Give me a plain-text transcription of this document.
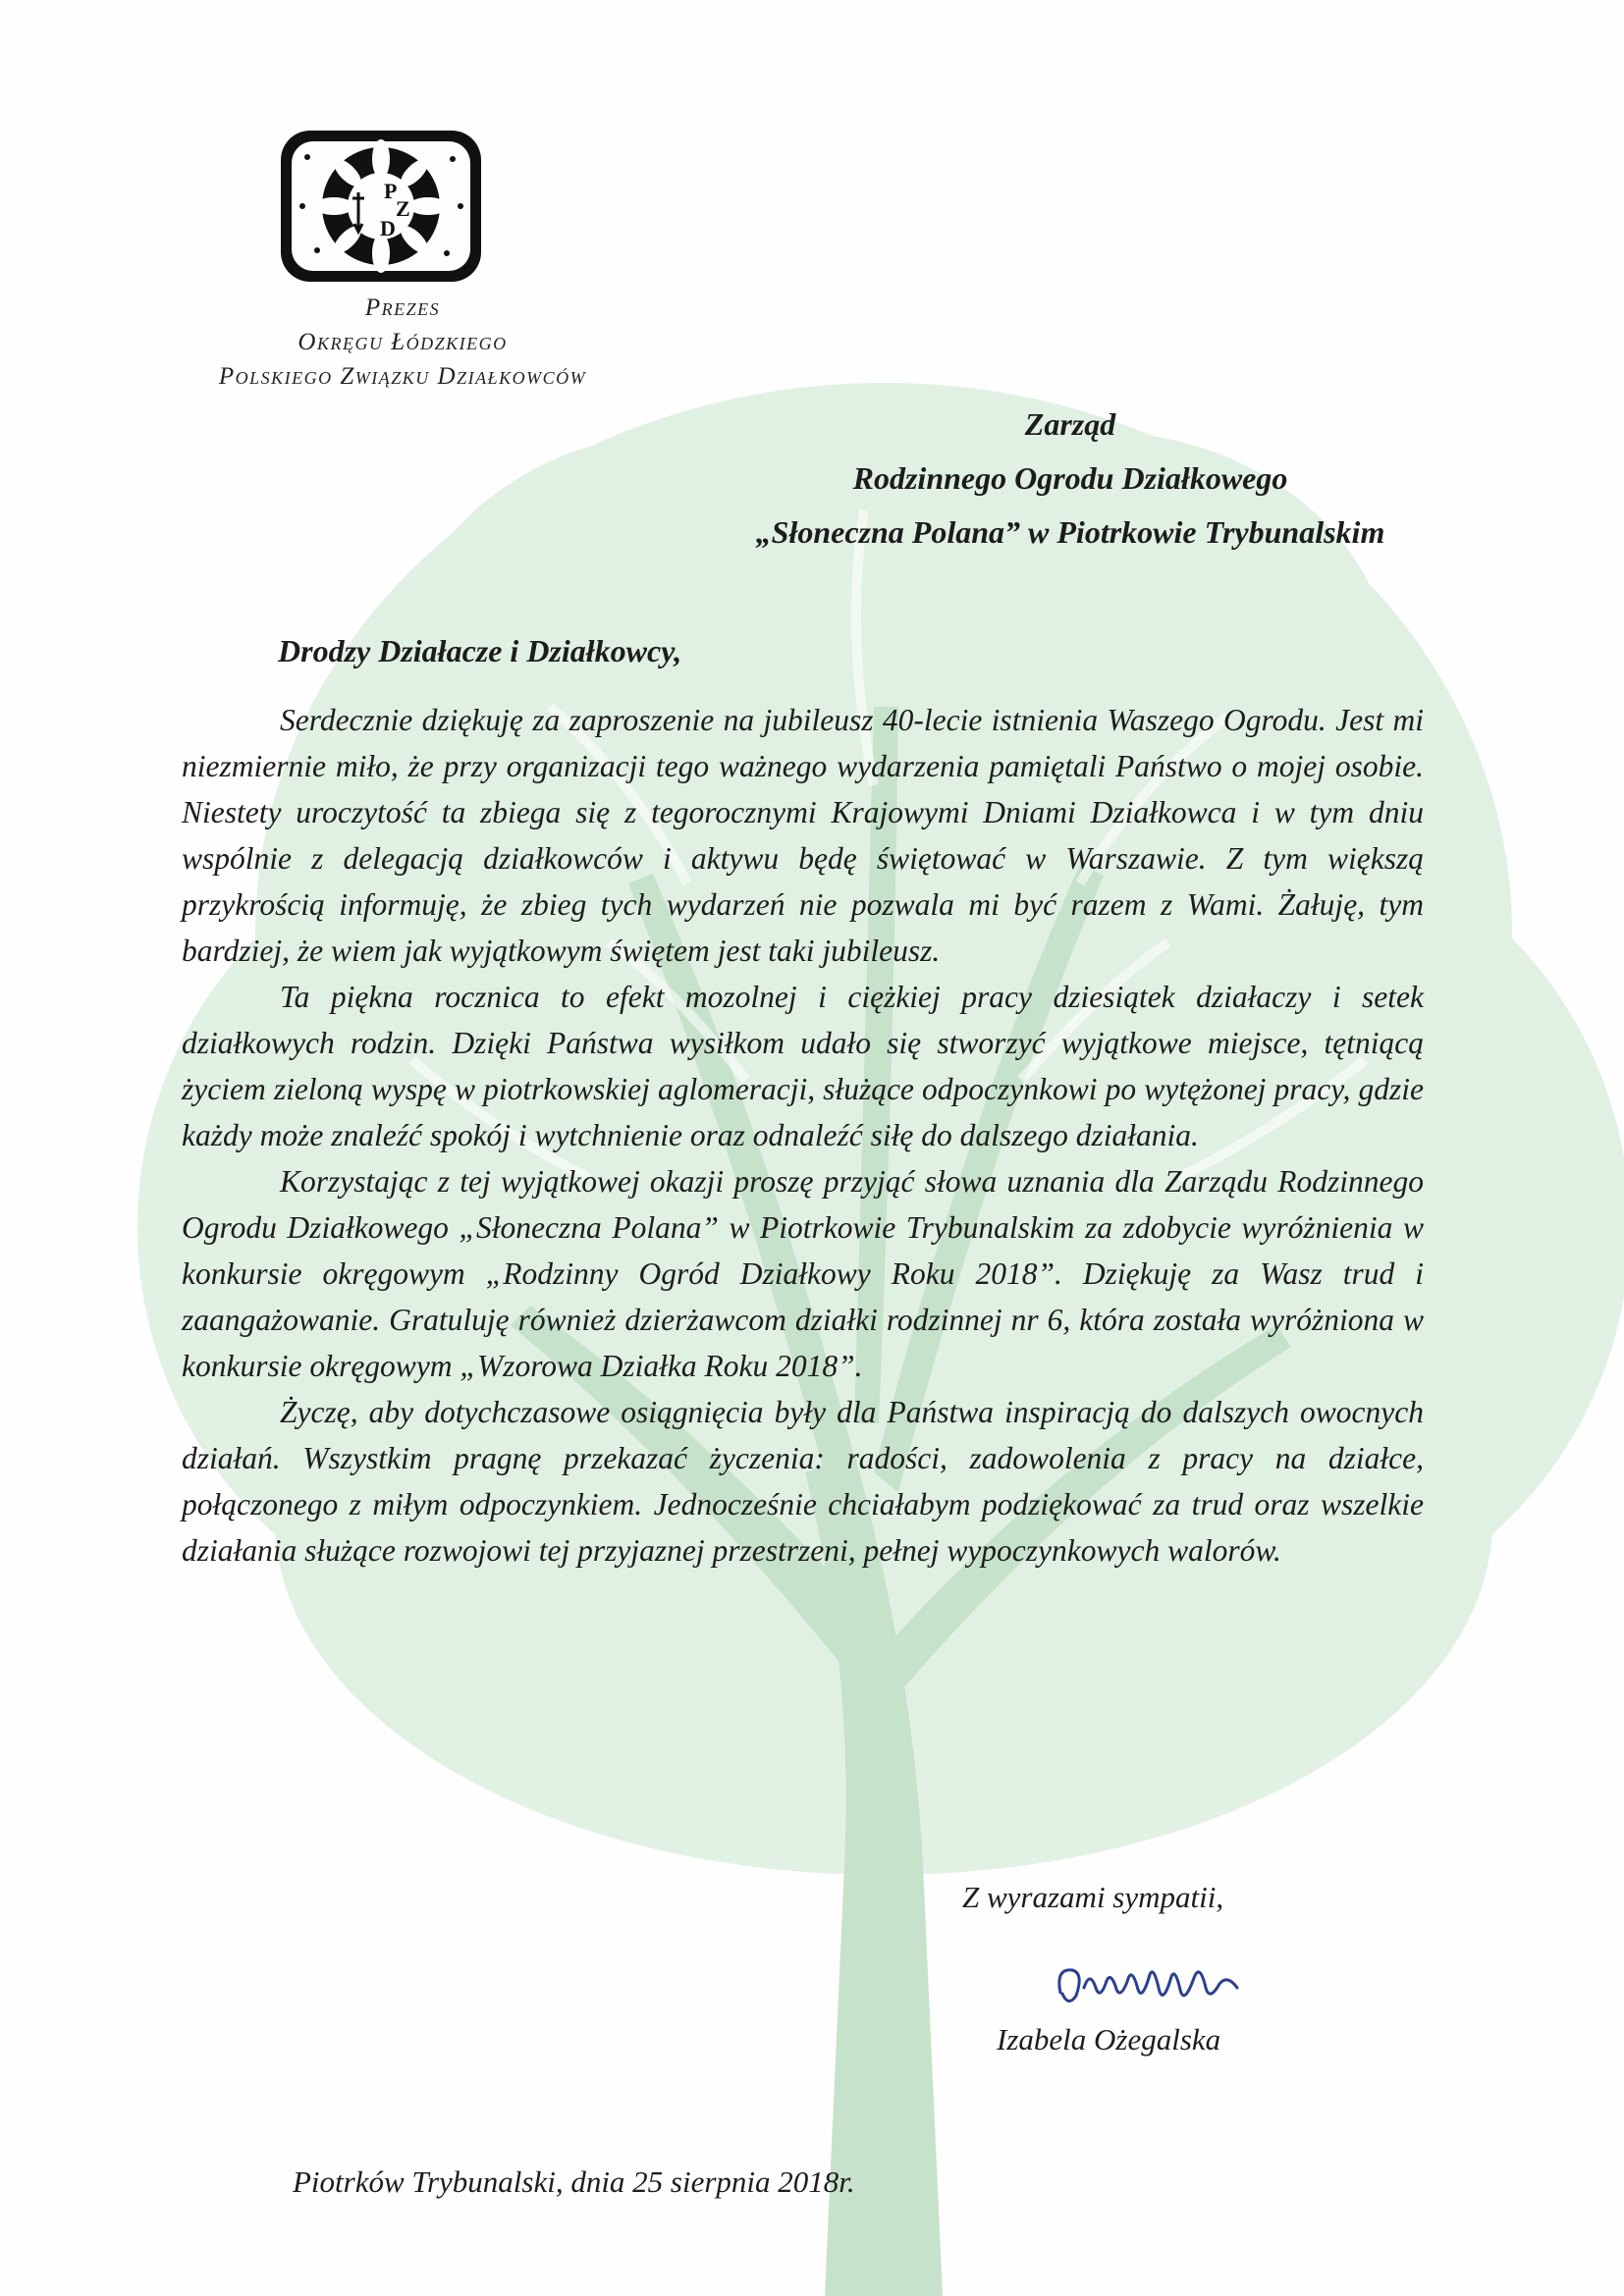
P
Z
D
Prezes
Okręgu Łódzkiego
Polskiego Związku Działkowców
Zarząd
Rodzinnego Ogrodu Działkowego
„Słoneczna Polana” w Piotrkowie Trybunalskim
Drodzy Działacze i Działkowcy,

Serdecznie dziękuję za zaproszenie na jubileusz 40-lecie istnienia Waszego Ogrodu. Jest mi niezmiernie miło, że przy organizacji tego ważnego wydarzenia pamiętali Państwo o mojej osobie. Niestety uroczytość ta zbiega się z tegorocznymi Krajowymi Dniami Działkowca i w tym dniu wspólnie z delegacją działkowców i aktywu będę świętować w Warszawie. Z tym większą przykrością informuję, że zbieg tych wydarzeń nie pozwala mi być razem z Wami. Żałuję, tym bardziej, że wiem jak wyjątkowym świętem jest taki jubileusz.

Ta piękna rocznica to efekt mozolnej i ciężkiej pracy dziesiątek działaczy i setek działkowych rodzin. Dzięki Państwa wysiłkom udało się stworzyć wyjątkowe miejsce, tętniącą życiem zieloną wyspę w piotrkowskiej aglomeracji, służące odpoczynkowi po wytężonej pracy, gdzie każdy może znaleźć spokój i wytchnienie oraz odnaleźć siłę do dalszego działania.

Korzystając z tej wyjątkowej okazji proszę przyjąć słowa uznania dla Zarządu Rodzinnego Ogrodu Działkowego „Słoneczna Polana” w Piotrkowie Trybunalskim za zdobycie wyróżnienia w konkursie okręgowym „Rodzinny Ogród Działkowy Roku 2018”. Dziękuję za Wasz trud i zaangażowanie. Gratuluję również dzierżawcom działki rodzinnej nr 6, która została wyróżniona w konkursie okręgowym „Wzorowa Działka Roku 2018”.

Życzę, aby dotychczasowe osiągnięcia były dla Państwa inspiracją do dalszych owocnych działań. Wszystkim pragnę przekazać życzenia: radości, zadowolenia z pracy na działce, połączonego z miłym odpoczynkiem. Jednocześnie chciałabym podziękować za trud oraz wszelkie działania służące rozwojowi tej przyjaznej przestrzeni, pełnej wypoczynkowych walorów.

Z wyrazami sympatii,
Izabela Ożegalska
Piotrków Trybunalski, dnia 25 sierpnia 2018r.
